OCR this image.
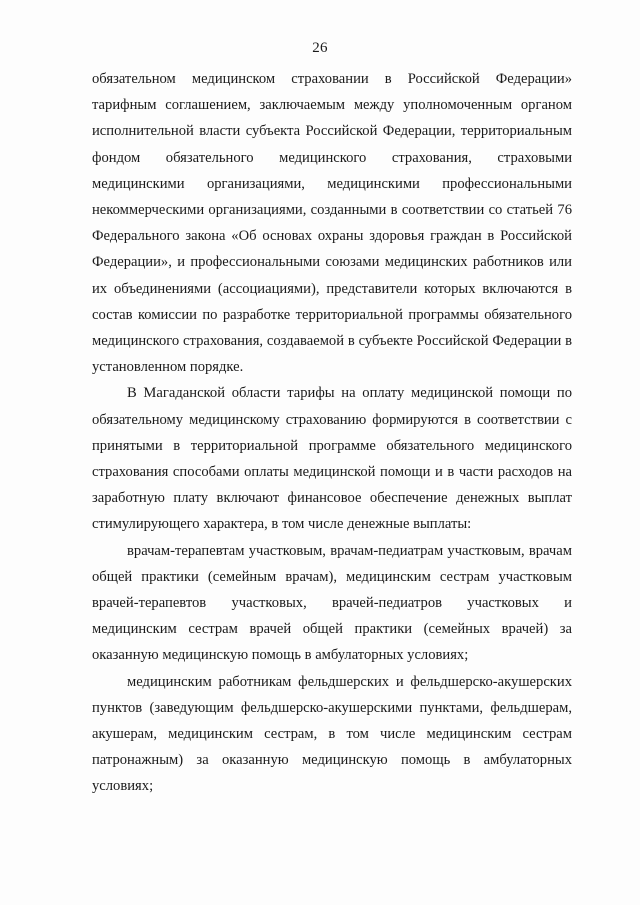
26

обязательном медицинском страховании в Российской Федерации» тарифным соглашением, заключаемым между уполномоченным органом исполнительной власти субъекта Российской Федерации, территориальным фондом обязательного медицинского страхования, страховыми медицинскими организациями, медицинскими профессиональными некоммерческими организациями, созданными в соответствии со статьей 76 Федерального закона «Об основах охраны здоровья граждан в Российской Федерации», и профессиональными союзами медицинских работников или их объединениями (ассоциациями), представители которых включаются в состав комиссии по разработке территориальной программы обязательного медицинского страхования, создаваемой в субъекте Российской Федерации в установленном порядке.

В Магаданской области тарифы на оплату медицинской помощи по обязательному медицинскому страхованию формируются в соответствии с принятыми в территориальной программе обязательного медицинского страхования способами оплаты медицинской помощи и в части расходов на заработную плату включают финансовое обеспечение денежных выплат стимулирующего характера, в том числе денежные выплаты:

врачам-терапевтам участковым, врачам-педиатрам участковым, врачам общей практики (семейным врачам), медицинским сестрам участковым врачей-терапевтов участковых, врачей-педиатров участковых и медицинским сестрам врачей общей практики (семейных врачей) за оказанную медицинскую помощь в амбулаторных условиях;

медицинским работникам фельдшерских и фельдшерско-акушерских пунктов (заведующим фельдшерско-акушерскими пунктами, фельдшерам, акушерам, медицинским сестрам, в том числе медицинским сестрам патронажным) за оказанную медицинскую помощь в амбулаторных условиях;
